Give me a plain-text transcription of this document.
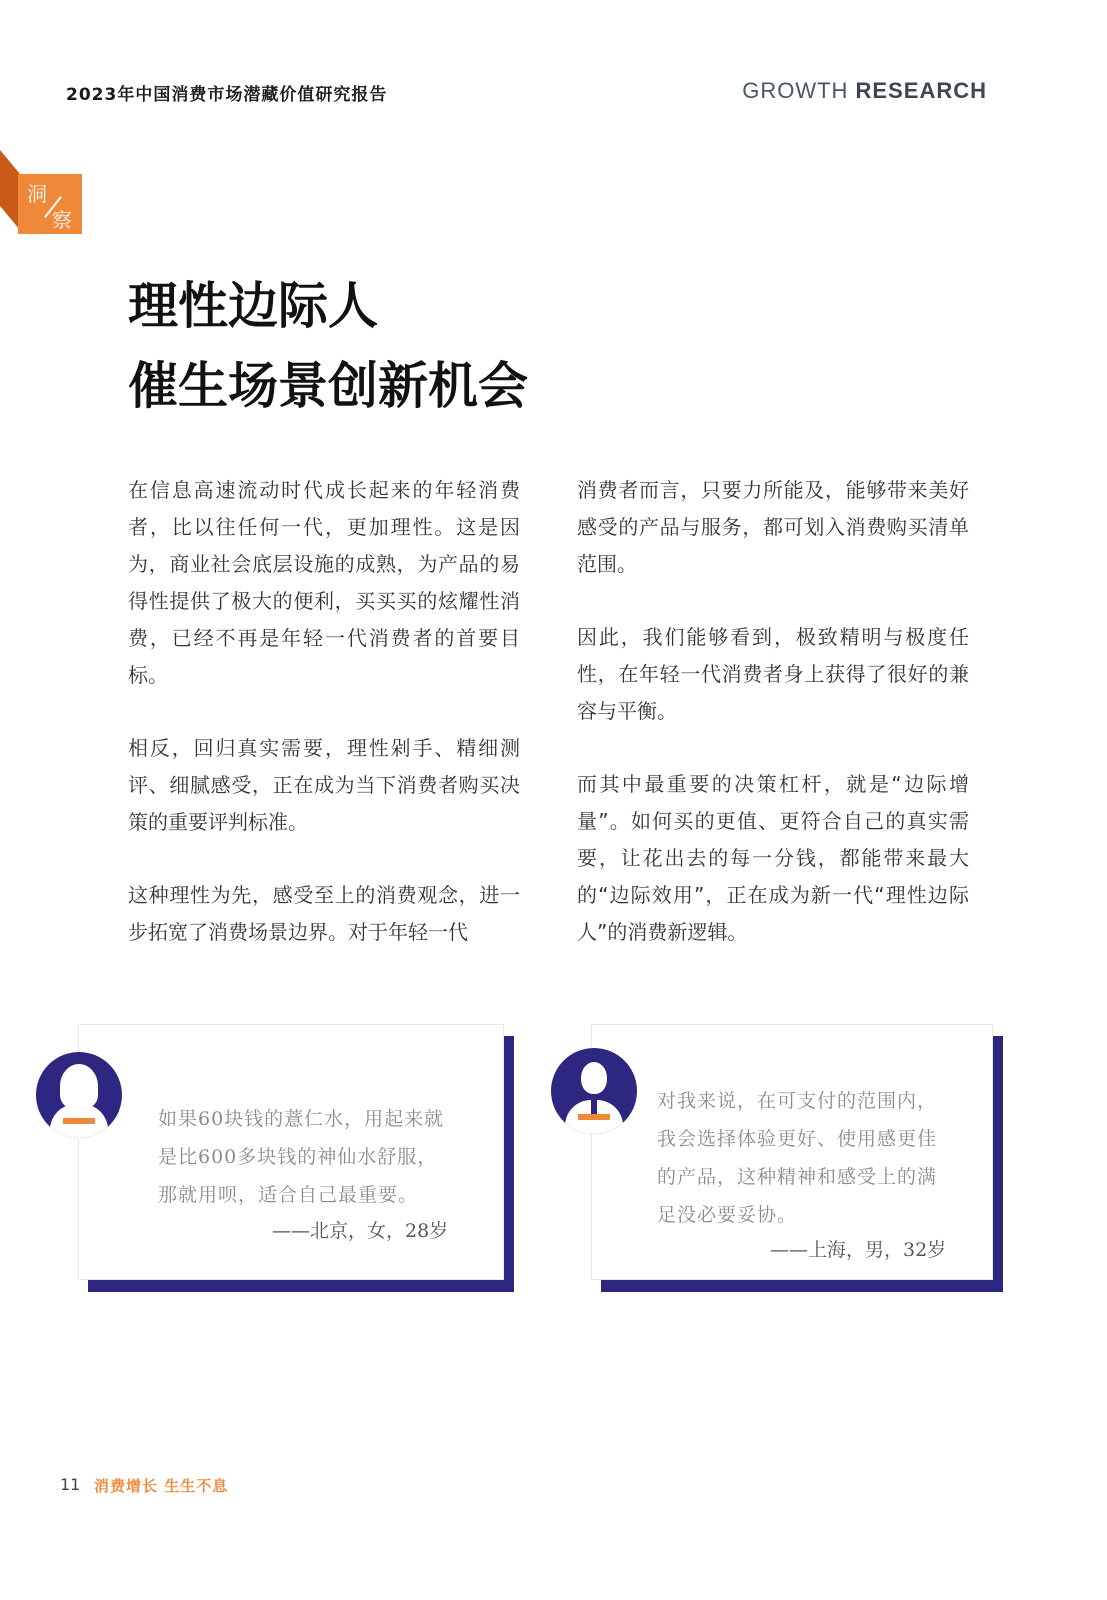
2023年中国消费市场潜藏价值研究报告	GROWTH RESEARCH
洞
察
理性边际人
催生场景创新机会

在信息高速流动时代成长起来的年轻消费者，比以往任何一代，更加理性。这是因为，商业社会底层设施的成熟，为产品的易得性提供了极大的便利，买买买的炫耀性消费，已经不再是年轻一代消费者的首要目标。

相反，回归真实需要，理性剁手、精细测评、细腻感受，正在成为当下消费者购买决策的重要评判标准。

这种理性为先，感受至上的消费观念，进一步拓宽了消费场景边界。对于年轻一代

消费者而言，只要力所能及，能够带来美好感受的产品与服务，都可划入消费购买清单范围。

因此，我们能够看到，极致精明与极度任性，在年轻一代消费者身上获得了很好的兼容与平衡。

而其中最重要的决策杠杆，就是“边际增量”。如何买的更值、更符合自己的真实需要，让花出去的每一分钱，都能带来最大的“边际效用”，正在成为新一代“理性边际人”的消费新逻辑。

如果60块钱的薏仁水，用起来就

是比600多块钱的神仙水舒服，

那就用呗，适合自己最重要。

——北京，女，28岁

对我来说，在可支付的范围内，

我会选择体验更好、使用感更佳

的产品，这种精神和感受上的满

足没必要妥协。

——上海，男，32岁
11 消费增长 生生不息
